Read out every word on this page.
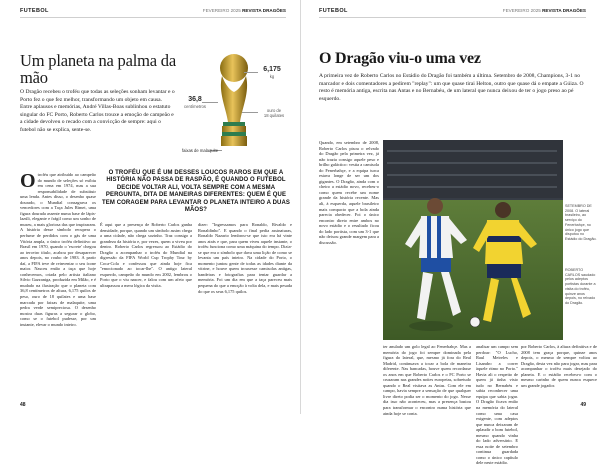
FUTEBOL	FEVEREIRO 2025 REVISTA DRAGÕES
Um planeta na palma da mão

O Dragão recebeu o troféu que todas as seleções sonham levantar e o Porto fez o que fez melhor, transformando um objeto em causa. Entre aplausos e memórias, André Villas-Boas sublinhou o estatuto singular do FC Porto, Roberto Carlos trouxe a emoção de campeão e a cidade devolveu o recado com a convicção de sempre: aqui o futebol não se explica, sente-se.

36,8
centímetros
6,175
kg
ouro de
18 quilates
faixas de malaquite
O TROFÉU QUE É UM DESSES LOUCOS RAROS EM QUE A HISTÓRIA NÃO PASSA DE RASPÃO, É QUANDO O FUTEBOL DECIDE VOLTAR ALI, VOLTA SEMPRE COM A MESMA PERGUNTA, DITA DE MANEIRAS DIFERENTES: QUEM É QUE TEM CORAGEM PARA LEVANTAR O PLANETA INTEIRO A DUAS MÃOS?
Otroféu que atribuído ao campeão do mundo de seleções só exibiu em cena em 1974, mas a sua responsabilidade de substituir uma lenda. Antes disso, o desenho quase dourado, o Mundial consagrava os vencedores com a Taça Jules Rimet, uma figura dourada assente numa base de lápis-lazúli, elegante e frágil como um sonho de museu, a mais gloriosa das que inspiraram. A história desse símbolo recupera o perfume de perdidos com o gás de uma Vitória ampla, o único troféu definitivo ao Brasil em 1970, quando o 'escrete' chegou ao terceiro título, acabou por desaparecer anos depois, no roubo de 1983. A partir daí, a FIFA teve de reinventar o seu ícone maior. Nasceu então a taça que hoje conhecemos, criada pelo artista italiano Silvio Gazzaniga, produzida em Milão, e é mudado na ilustração que o planeta com 36,8 centímetros de altura, 6,175 quilos de peso, ouro de 18 quilates e uma base marcada por faixas de malaquite, uma pedra verde semipreciosa. O desenho mostra duas figuras a segurar o globo, como se o futebol pudesse, por um instante, elevar o mundo inteiro.
É aqui que a presença de Roberto Carlos ganha densidade, porque, quando um símbolo assim chega a uma cidade, não chega sozinho. Traz consigo a grandeza da história e, por vezes, quem a viveu por dentro. Roberto Carlos regressou ao Estádio do Dragão a acompanhar o troféu do Mundial na digressão da FIFA World Cup Trophy Tour by Coca-Cola e confessou que ainda hoje fica "emocionado ao tocar-lhe". O antigo lateral esquerdo, campeão do mundo em 2002, lembrou o Porto que o viu nascer, e falou com um afeto que ultrapassou a mera lógica da visita.
dizer: "Ingressamos para Ronaldo, Rivaldo e Ronaldinho". E quando o final pedia assinaturas, Ronaldo Nazario lembrou-se que isto era há vinte anos atrás e que, para quem viveu aquele instante, o troféu funciona como uma máquina do tempo. Dizia-se que era o símbolo que dava uma lição de como se levanta um país inteiro. Na cidade do Porto, o momento juntou gente de todas as idades diante da vitrine, e houve quem trouxesse camisolas antigas, bandeiras e fotografias para tentar guardar a memória. Foi um dia em que a taça pareceu mais pequena do que a emoção à volta dela, e mais pesada do que os seus 6,175 quilos.
48
FUTEBOL	FEVEREIRO 2025 REVISTA DRAGÕES
O Dragão viu-o uma vez

A primeira vez de Roberto Carlos no Estádio do Dragão foi também a última. Setembro de 2008, Champions, 3-1 no marcador e dois comentadores a pedirem "replay": um que quase tirai Helton, outro que quase dá o empate a Gúiza. O resto é memória antiga, escrita nas Antas e no Bernabéu, de um lateral que nunca deixou de ter o jogo preso ao pé esquerdo.

Quando, em setembro de 2008, Roberto Carlos pisou o relvado do Dragão pela primeira vez, já não trazia consigo aquele peso e brilho galáctico: vestia a camisola do Fenerbahçe, e a equipa turca estava longe de ser um dos gigantes. O Dragão, ainda com o cheiro a estádio novo, recebeu-o como quem recebe um nome grande da história recente. Mas ali, à esquerda, aquele brasileiro mais compacto que a bola ainda parecia obedecer. Foi o único encontro direto entre ambos no novo estádio e o resultado ficou do lado portista, com um 3-1 que não deixou grande margem para a discussão.
SETEMBRO DE 2008. O lateral brasileiro, ao serviço do Fenerbahçe, no único jogo que disputou no Estádio do Dragão.
ROBERTO CARLOS saudado pelos adeptos portistas durante a visita do troféu, quinze anos depois, no relvado do Dragão.
ter anulado um golo legal ao Fenerbahçe. Mas a memória do jogo foi sempre dominada pela figura do lateral, que, mesmo já fora do Real Madrid, continuava a tocar a bola de maneira diferente. Nas bancadas, houve quem recordasse os anos em que Roberto Carlos e o FC Porto se cruzaram nas grandes noites europeias, sobretudo quando o Real visitava as Antas. Com ele em campo, havia sempre a sensação de que qualquer livre direto podia ser o momento do jogo. Nesse dia isso não aconteceu, mas a presença bastou para transformar o encontro numa história que ainda hoje se conta.
analisar um campo sem perdoar: "O Lucho, Raul Meireles e Lisandro a correr àquele ritmo no Porto." Havia ali o respeito de quem já tinha visto tudo no Bernabéu e sabia reconhecer uma equipa que sabia jogar. O Dragão ficava então na memória do lateral como uma casa exigente, com adeptos que nunca deixaram de aplaudir o bom futebol, mesmo quando vinha do lado adversário. E essa noite de setembro continua guardada como o único capítulo dele neste estádio.
por Roberto Carlos, à altura definitiva e de 2008 tem graça porque, quinze anos depois, o mesmo de sempre voltou ao Dragão, desta vez não para jogar, mas para acompanhar o troféu mais desejado do planeta. E o estádio recebeu-o com o mesmo carinho de quem nunca esquece um grande jogador.
49
